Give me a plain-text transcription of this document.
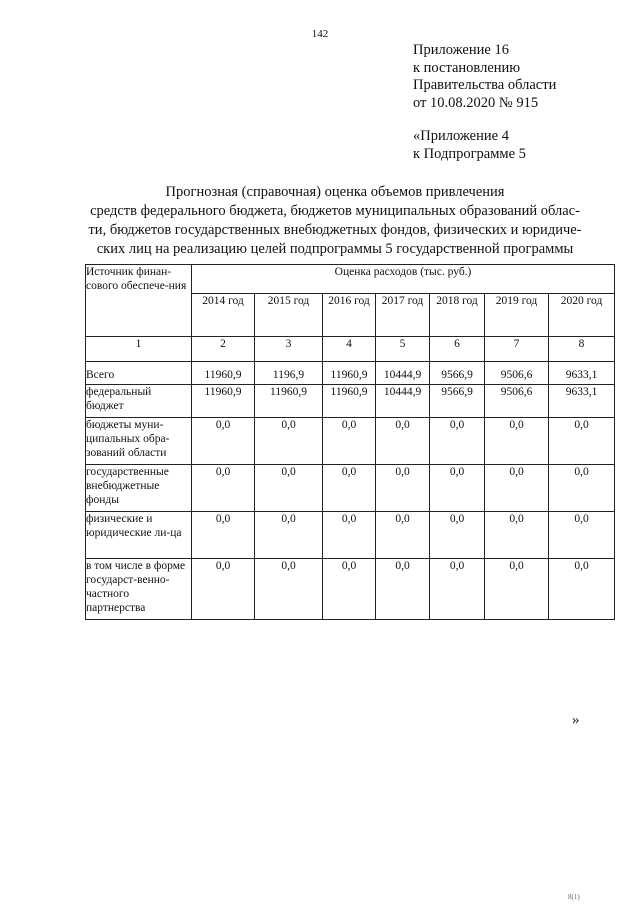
142
Приложение 16
к постановлению
Правительства области
от 10.08.2020 № 915
«Приложение 4
к Подпрограмме 5
Прогнозная (справочная) оценка объемов привлечения
средств федерального бюджета, бюджетов муниципальных образований облас-
ти, бюджетов государственных внебюджетных фондов, физических и юридиче-
ских лиц на реализацию целей подпрограммы 5 государственной программы
Источник финан-сового обеспече-ния	Оценка расходов (тыс. руб.)						
	2014 год	2015 год	2016 год	2017 год	2018 год	2019 год	2020 год
1	2	3	4	5	6	7	8
Всего	11960,9	1196,9	11960,9	10444,9	9566,9	9506,6	9633,1
федеральный бюджет	11960,9	11960,9	11960,9	10444,9	9566,9	9506,6	9633,1
бюджеты муни-ципальных обра-зований области	0,0	0,0	0,0	0,0	0,0	0,0	0,0
государственные внебюджетные фонды	0,0	0,0	0,0	0,0	0,0	0,0	0,0
физические и юридические ли-ца	0,0	0,0	0,0	0,0	0,0	0,0	0,0
в том числе в форме государст-венно-частного партнерства	0,0	0,0	0,0	0,0	0,0	0,0	0,0
»
8(1)
